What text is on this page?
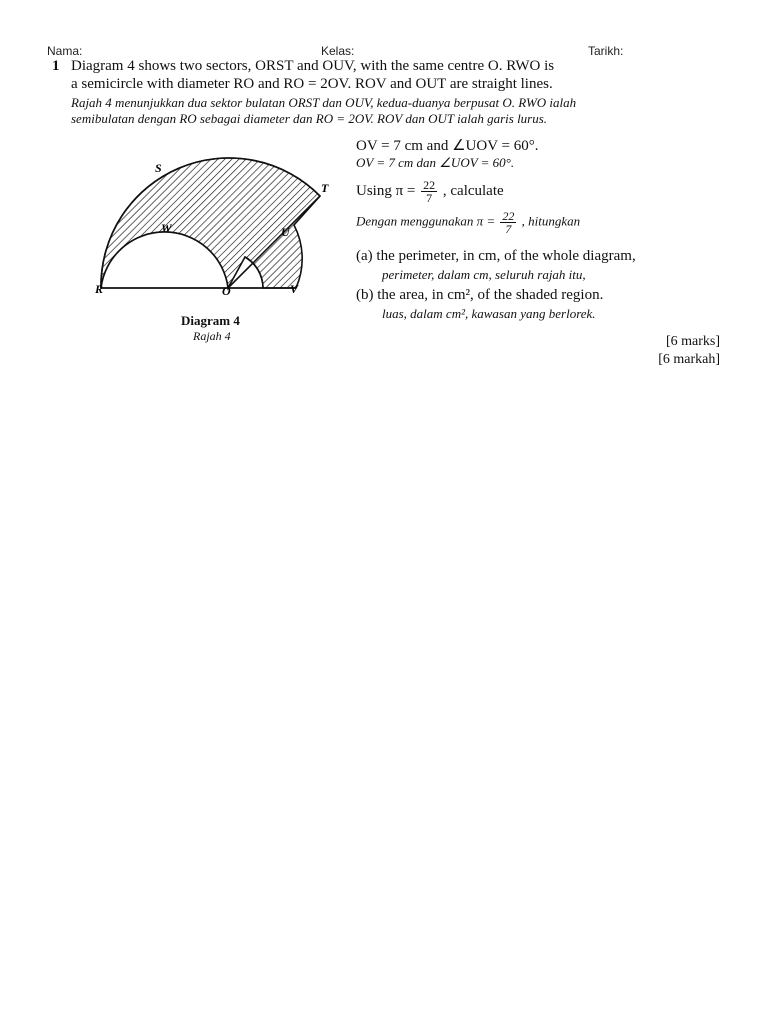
Nama:	Kelas:	Tarikh:
1 Diagram 4 shows two sectors, ORST and OUV, with the same centre O. RWO is
a semicircle with diameter RO and RO = 2OV. ROV and OUT are straight lines.
Rajah 4 menunjukkan dua sektor bulatan ORST dan OUV, kedua-duanya berpusat O. RWO ialah
semibulatan dengan RO sebagai diameter dan RO = 2OV. ROV dan OUT ialah garis lurus.
S
T
W	U
R	O	V
Diagram 4
Rajah 4
OV = 7 cm and ∠UOV = 60°.
OV = 7 cm dan ∠UOV = 60°.
Using $\pi = \frac{22}{7}$ , calculate
Dengan menggunakan $\pi = \frac{22}{7}$ , hitungkan
(a) the perimeter, in cm, of the whole diagram,
perimeter, dalam cm, seluruh rajah itu,
(b) the area, in cm², of the shaded region.
luas, dalam cm², kawasan yang berlorek.
[6 marks]
[6 markah]
